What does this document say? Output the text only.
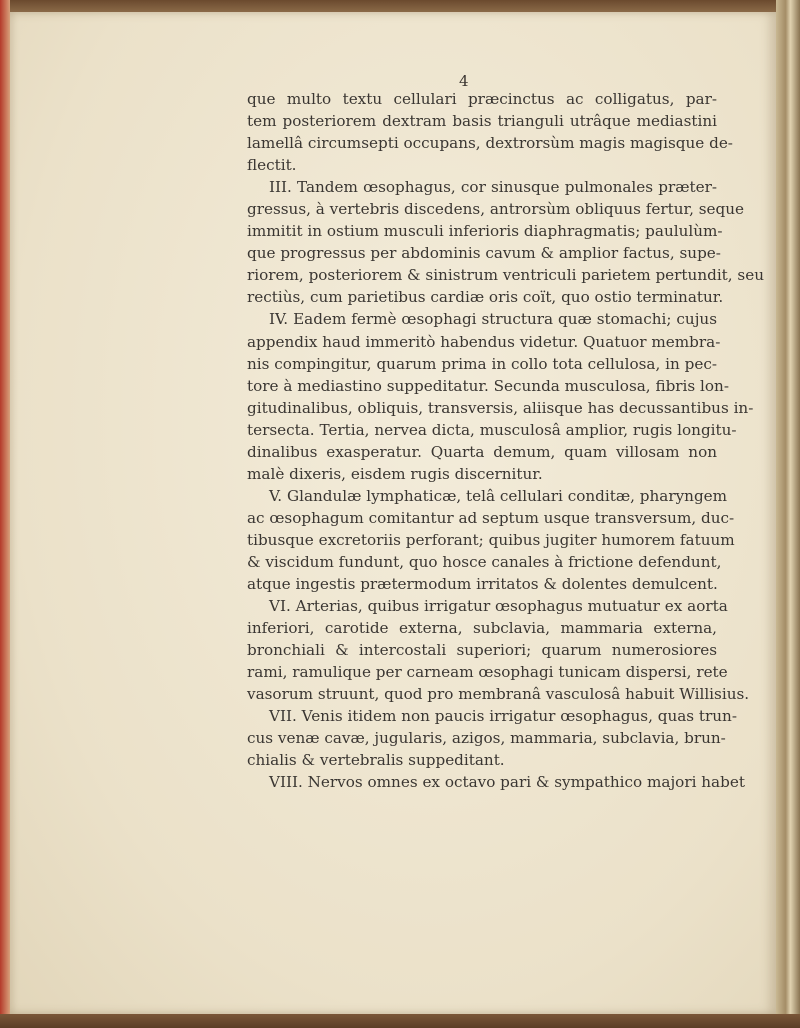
4
que multo textu cellulari præcinctus ac colligatus, par-
tem posteriorem dextram basis trianguli utrâque mediastini
lamellâ circumsepti occupans, dextrorsùm magis magisque de-
flectit.
III. Tandem œsophagus, cor sinusque pulmonales præter-
gressus, à vertebris discedens, antrorsùm obliquus fertur, seque
immitit in ostium musculi inferioris diaphragmatis; paululùm-
que progressus per abdominis cavum & amplior factus, supe-
riorem, posteriorem & sinistrum ventriculi parietem pertundit, seu
rectiùs, cum parietibus cardiæ oris coït, quo ostio terminatur.
IV. Eadem fermè œsophagi structura quæ stomachi; cujus
appendix haud immeritò habendus videtur. Quatuor membra-
nis compingitur, quarum prima in collo tota cellulosa, in pec-
tore à mediastino suppeditatur. Secunda musculosa, fibris lon-
gitudinalibus, obliquis, transversis, aliisque has decussantibus in-
tersecta. Tertia, nervea dicta, musculosâ amplior, rugis longitu-
dinalibus exasperatur. Quarta demum, quam villosam non
malè dixeris, eisdem rugis discernitur.
V. Glandulæ lymphaticæ, telâ cellulari conditæ, pharyngem
ac œsophagum comitantur ad septum usque transversum, duc-
tibusque excretoriis perforant; quibus jugiter humorem fatuum
& viscidum fundunt, quo hosce canales à frictione defendunt,
atque ingestis prætermodum irritatos & dolentes demulcent.
VI. Arterias, quibus irrigatur œsophagus mutuatur ex aorta
inferiori, carotide externa, subclavia, mammaria externa,
bronchiali & intercostali superiori; quarum numerosiores
rami, ramulique per carneam œsophagi tunicam dispersi, rete
vasorum struunt, quod pro membranâ vasculosâ habuit Willisius.
VII. Venis itidem non paucis irrigatur œsophagus, quas trun-
cus venæ cavæ, jugularis, azigos, mammaria, subclavia, brun-
chialis & vertebralis suppeditant.
VIII. Nervos omnes ex octavo pari & sympathico majori habet
